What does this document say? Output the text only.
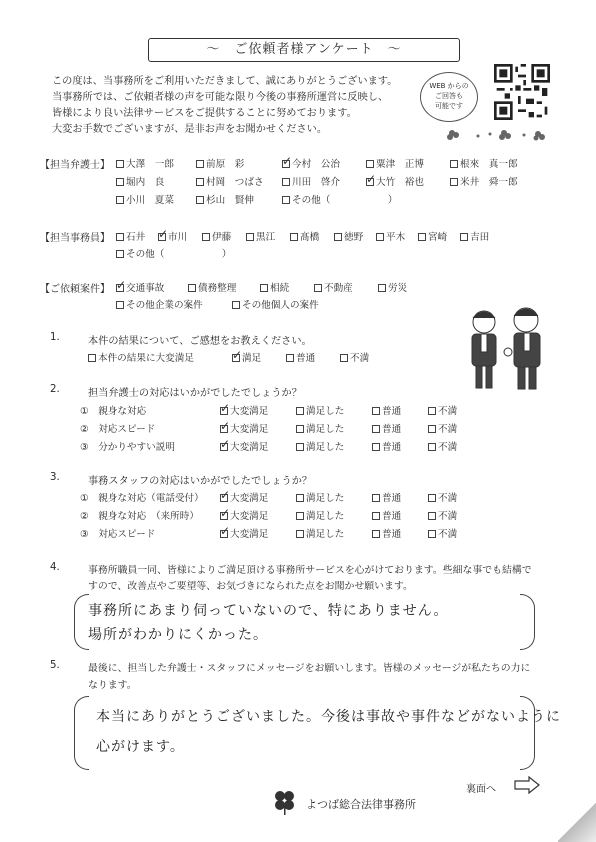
〜　ご依頼者様アンケート　〜
この度は、当事務所をご利用いただきまして、誠にありがとうございます。
当事務所では、ご依頼者様の声を可能な限り今後の事務所運営に反映し、
皆様により良い法律サービスをご提供することに努めております。
大変お手数でございますが、是非お声をお聞かせください。
WEB からの
ご回答も
可能です
【担当弁護士】	大澤　一郎	前原　彩 ✓	今村　公治	粟津　正博	根來　真一郎
堀内　良	村岡　つばさ	川田　啓介 ✓	大竹　裕也	米井　舜一郎
小川　夏菜	杉山　賢伸	その他（　　　　　　）
【担当事務員】	石井 ✓	市川	伊藤	黒江	髙橋	徳野	平木	宮崎	吉田
その他（　　　　　　）
【ご依頼案件】 ✓	交通事故	債務整理	相続	不動産	労災
その他企業の案件	その他個人の案件
1.	本件の結果について、ご感想をお教えください。
本件の結果に大変満足 ✓	満足	普通	不満
2.	担当弁護士の対応はいかがでしたでしょうか？
①　親身な対応 ✓	大変満足	満足した	普通	不満
②　対応スピード ✓	大変満足	満足した	普通	不満
③　分かりやすい説明 ✓	大変満足	満足した	普通	不満
3.	事務スタッフの対応はいかがでしたでしょうか？
①　親身な対応（電話受付） ✓	大変満足	満足した	普通	不満
②　親身な対応　（来所時） ✓	大変満足	満足した	普通	不満
③　対応スピード ✓	大変満足	満足した	普通	不満
4.	事務所職員一同、皆様によりご満足頂ける事務所サービスを心がけております。些細な事でも結構で
すので、改善点やご要望等、お気づきになられた点をお聞かせ願います。
事務所にあまり伺っていないので、特にありません。
場所がわかりにくかった。
5.	最後に、担当した弁護士・スタッフにメッセージをお願いします。皆様のメッセージが私たちの力に
なります。
本当にありがとうございました。今後は事故や事件などがないように
心がけます。
裏面へ
よつば総合法律事務所
